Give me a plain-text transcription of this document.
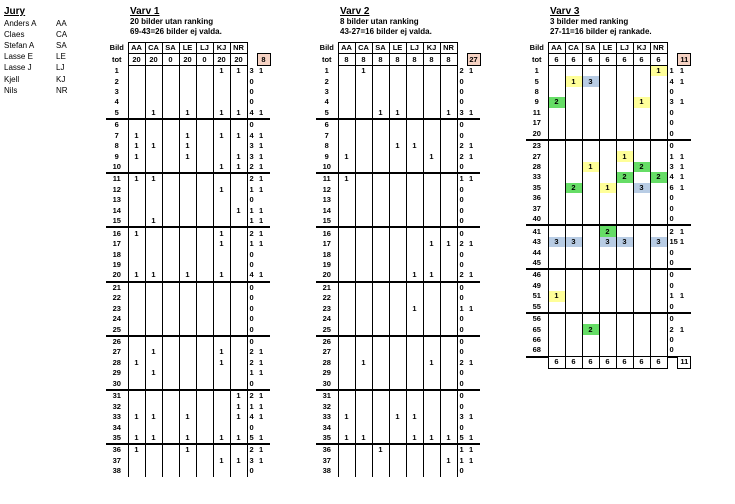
Jury
Anders A	AA
Claes	CA
Stefan A	SA
Lasse E	LE
Lasse J	LJ
Kjell	KJ
Nils	NR
Varv 1
20 bilder utan ranking
69-43=26 bilder ej valda.
Bild	AA	CA	SA	LE	LJ	KJ	NR		
tot	20	20	0	20	0	20	20		8
1						1	1	3	1
2								0	
3								0	
4								0	
5		1		1		1	1	4	1
6								0	
7	1			1		1	1	4	1
8	1	1		1				3	1
9	1			1			1	3	1
10						1	1	2	1
11	1	1						2	1
12						1		1	1
13								0	
14							1	1	1
15		1						1	1
16	1					1		2	1
17						1		1	1
18								0	
19								0	
20	1	1		1		1		4	1
21								0	
22								0	
23								0	
24								0	
25								0	
26								0	
27		1				1		2	1
28	1					1		2	1
29		1						1	1
30								0	
31							1	2	1
32							1	1	1
33	1	1		1			1	4	1
34								0	
35	1	1		1		1	1	5	1
36	1			1				2	1
37						1	1	3	1
38								0	
Varv 2
8 bilder utan ranking
43-27=16 bilder ej valda.
Bild	AA	CA	SA	LE	LJ	KJ	NR		
tot	8	8	8	8	8	8	8		27
1		1						2	1
2								0	
3								0	
4								0	
5			1	1			1	3	1
6								0	
7								0	
8				1	1			2	1
9	1					1		2	1
10								0	
11	1							1	1
12								0	
13								0	
14								0	
15								0	
16								0	
17						1	1	2	1
18								0	
19								0	
20					1	1		2	1
21								0	
22								0	
23					1			1	1
24								0	
25								0	
26								0	
27								0	
28		1				1		2	1
29								0	
30								0	
31								0	
32								0	
33	1			1	1			3	1
34								0	
35	1	1			1	1	1	5	1
36			1					1	1
37							1	1	1
38								0	
Varv 3
3 bilder med ranking
27-11=16 bilder ej rankade.
Bild	AA	CA	SA	LE	LJ	KJ	NR		
tot	6	6	6	6	6	6	6		11
1							1	1	1
5		1	3					4	1
8								0	
9	2					1		3	1
11								0	
17								0	
20								0	
23								0	
27					1			1	1
28			1			2		3	1
33					2		2	4	1
35		2		1		3		6	1
36								0	
37								0	
40								0	
41				2				2	1
43	3	3		3	3		3	15	1
44								0	
45								0	
46								0	
49								0	
51	1							1	1
55								0	
56								0	
65			2					2	1
66								0	
68								0	
	6	6	6	6	6	6	6		11
